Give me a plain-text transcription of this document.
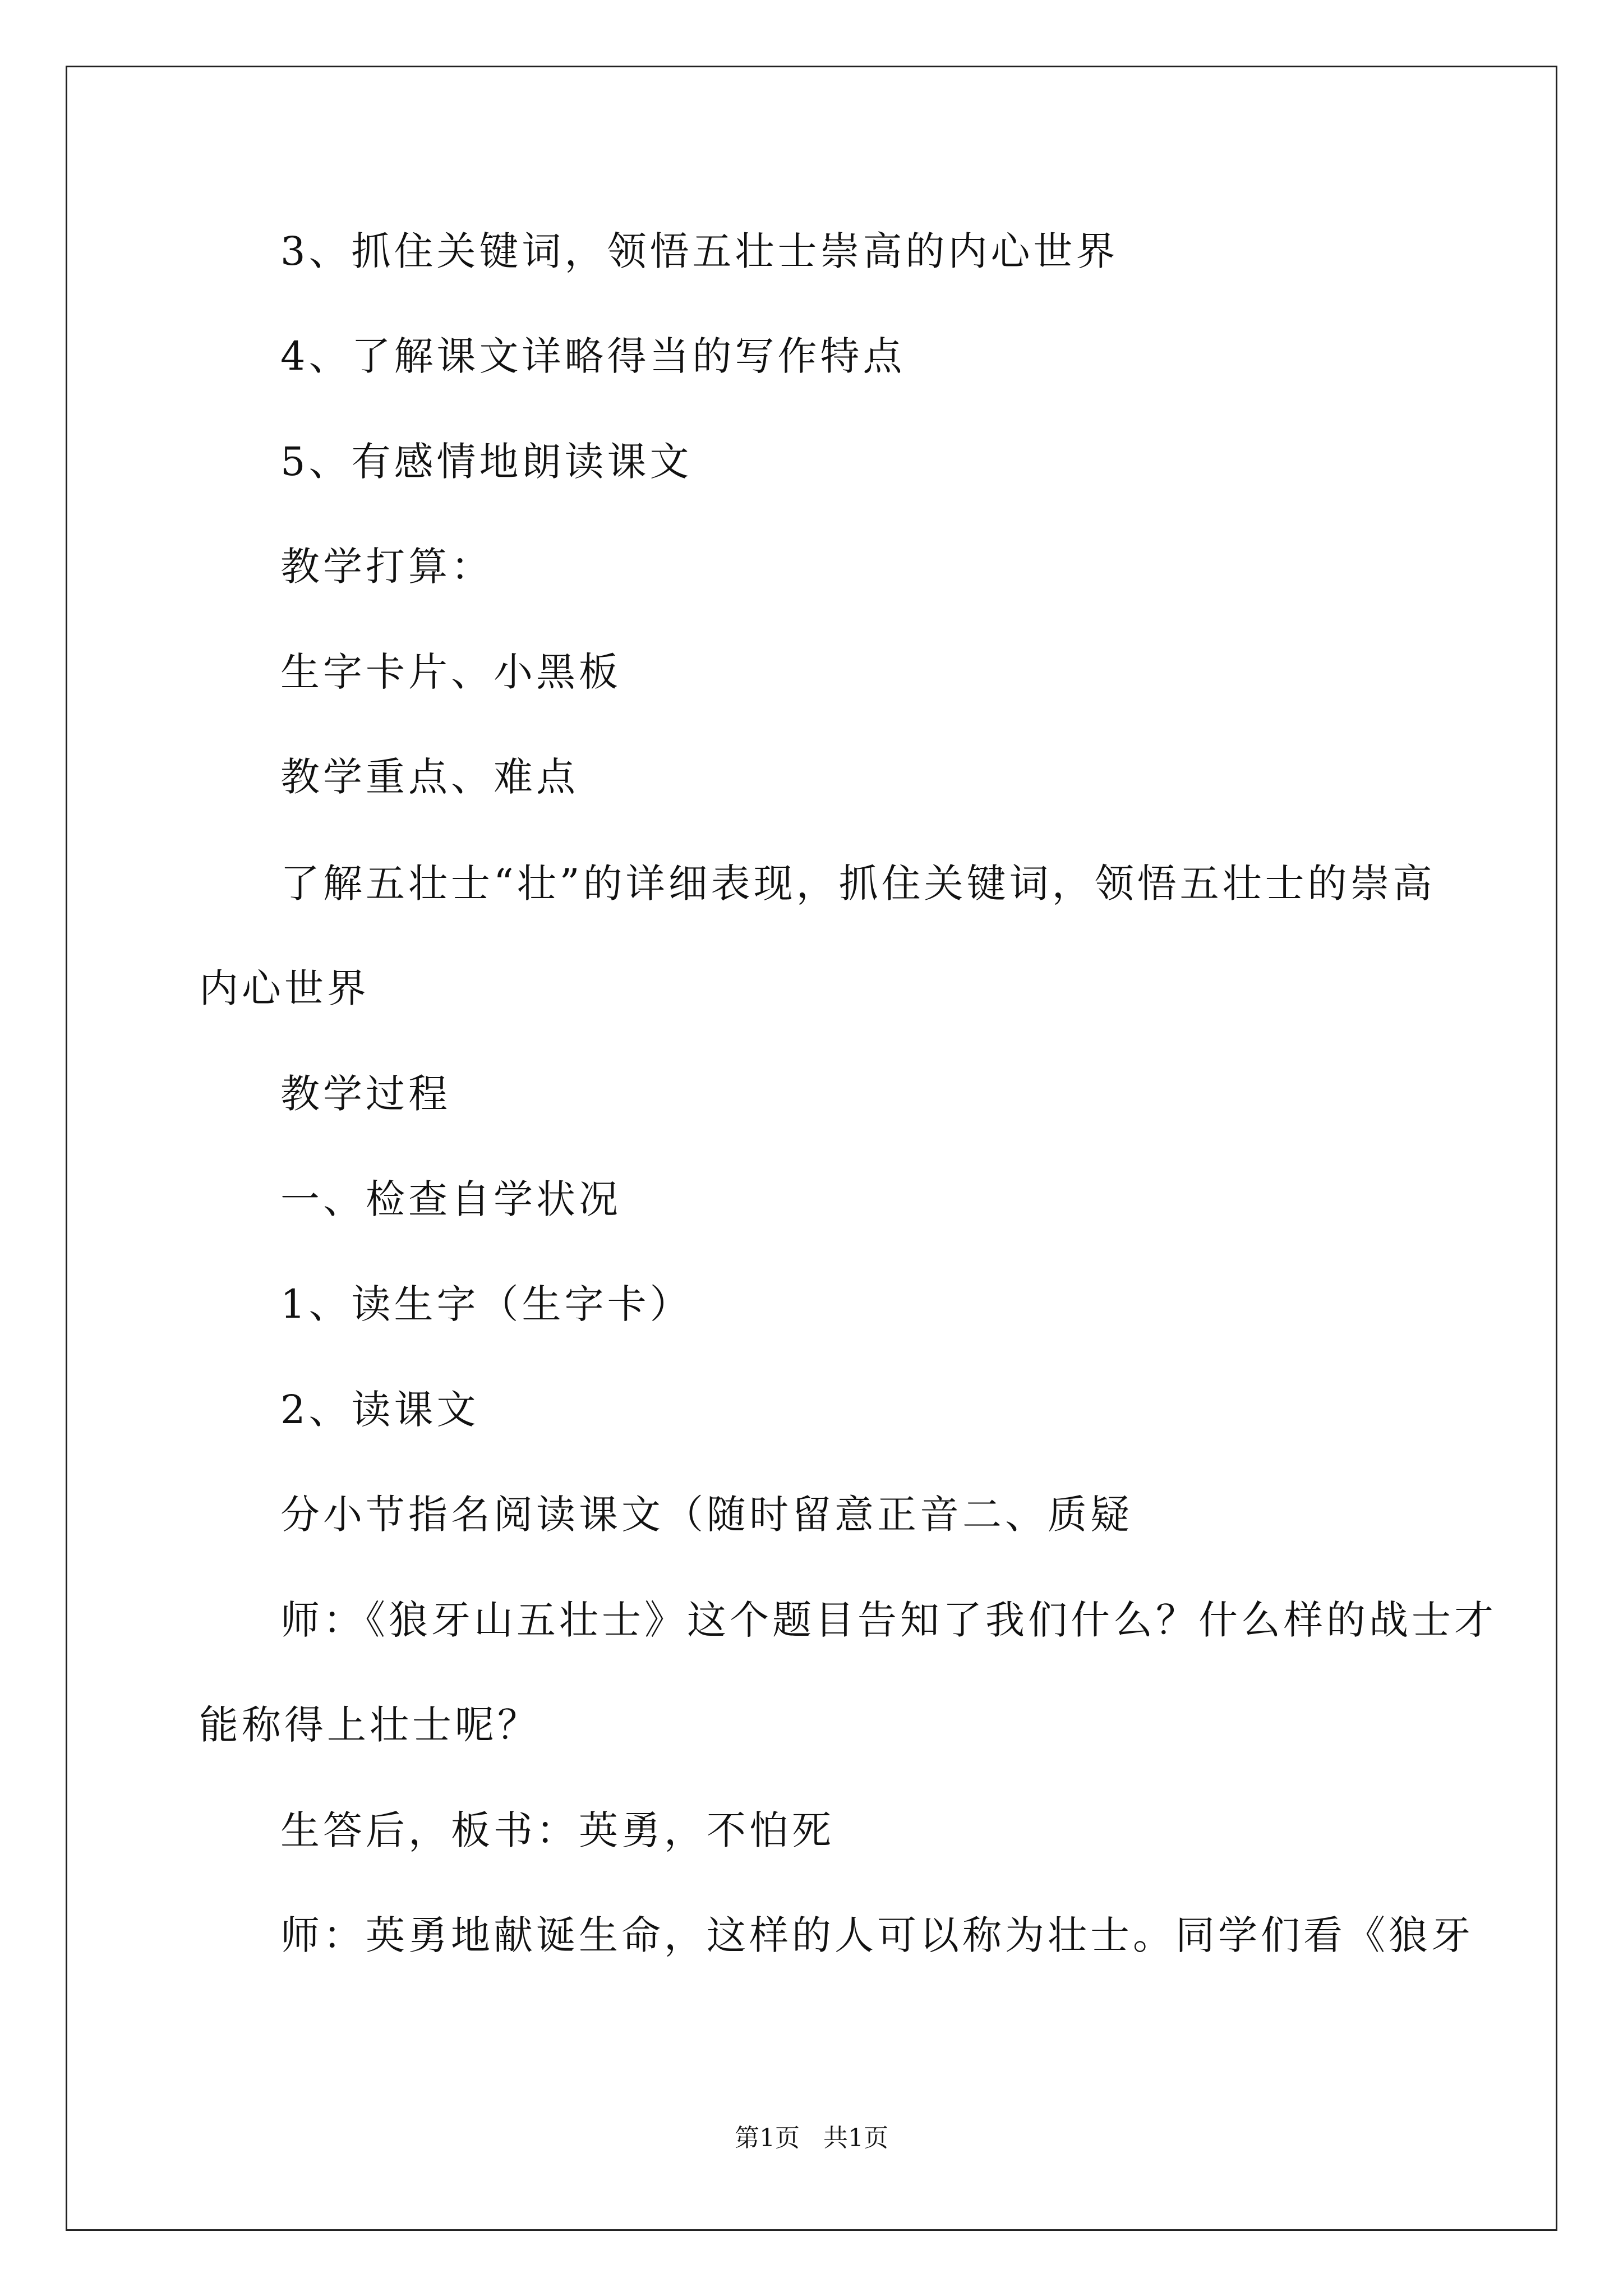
3、抓住关键词，领悟五壮士崇高的内心世界
4、了解课文详略得当的写作特点
5、有感情地朗读课文
教学打算：
生字卡片、小黑板
教学重点、难点
了解五壮士“壮”的详细表现，抓住关键词，领悟五壮士的崇高
内心世界
教学过程
一、检查自学状况
1、读生字（生字卡）
2、读课文
分小节指名阅读课文（随时留意正音二、质疑
师：《狼牙山五壮士》这个题目告知了我们什么？什么样的战士才
能称得上壮士呢？
生答后，板书：英勇，不怕死
师：英勇地献诞生命，这样的人可以称为壮士。同学们看《狼牙
第1页   共1页
